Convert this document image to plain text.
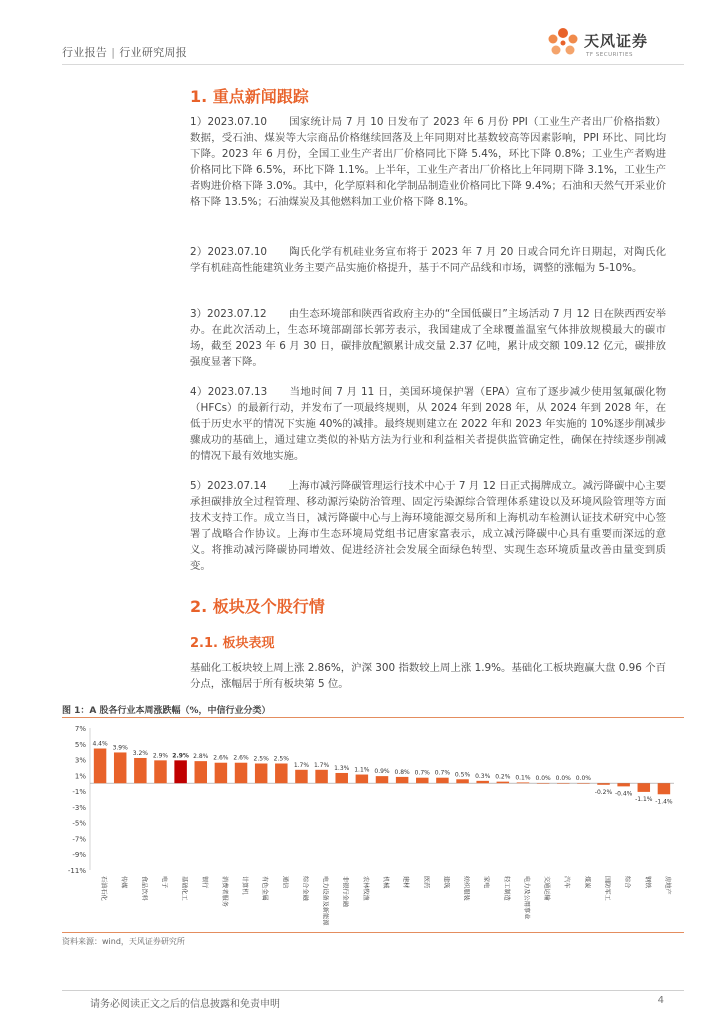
行业报告 | 行业研究周报
天风证券
TF SECURITIES
1. 重点新闻跟踪
1）2023.07.10 国家统计局 7 月 10 日发布了 2023 年 6 月份 PPI（工业生产者出厂价格指数）数据，受石油、煤炭等大宗商品价格继续回落及上年同期对比基数较高等因素影响，PPI 环比、同比均下降。2023 年 6 月份，全国工业生产者出厂价格同比下降 5.4%，环比下降 0.8%；工业生产者购进价格同比下降 6.5%，环比下降 1.1%。上半年，工业生产者出厂价格比上年同期下降 3.1%，工业生产者购进价格下降 3.0%。其中，化学原料和化学制品制造业价格同比下降 9.4%；石油和天然气开采业价格下降 13.5%；石油煤炭及其他燃料加工业价格下降 8.1%。
2）2023.07.10 陶氏化学有机硅业务宣布将于 2023 年 7 月 20 日或合同允许日期起，对陶氏化学有机硅高性能建筑业务主要产品实施价格提升，基于不同产品线和市场，调整的涨幅为 5-10%。
3）2023.07.12 由生态环境部和陕西省政府主办的“全国低碳日”主场活动 7 月 12 日在陕西西安举办。在此次活动上，生态环境部副部长郭芳表示，我国建成了全球覆盖温室气体排放规模最大的碳市场，截至 2023 年 6 月 30 日，碳排放配额累计成交量 2.37 亿吨，累计成交额 109.12 亿元，碳排放强度显著下降。
4）2023.07.13 当地时间 7 月 11 日，美国环境保护署（EPA）宣布了逐步减少使用氢氟碳化物（HFCs）的最新行动，并发布了一项最终规则，从 2024 年到 2028 年，从 2024 年到 2028 年，在低于历史水平的情况下实施 40%的减排。最终规则建立在 2022 年和 2023 年实施的 10%逐步削减步骤成功的基础上，通过建立类似的补贴方法为行业和利益相关者提供监管确定性，确保在持续逐步削减的情况下最有效地实施。
5）2023.07.14 上海市减污降碳管理运行技术中心于 7 月 12 日正式揭牌成立。减污降碳中心主要承担碳排放全过程管理、移动源污染防治管理、固定污染源综合管理体系建设以及环境风险管理等方面技术支持工作。成立当日，减污降碳中心与上海环境能源交易所和上海机动车检测认证技术研究中心签署了战略合作协议。上海市生态环境局党组书记唐家富表示，成立减污降碳中心具有重要而深远的意义。将推动减污降碳协同增效、促进经济社会发展全面绿色转型、实现生态环境质量改善由量变到质变。
2. 板块及个股行情
2.1. 板块表现
基础化工板块较上周上涨 2.86%，沪深 300 指数较上周上涨 1.9%。基础化工板块跑赢大盘 0.96 个百分点，涨幅居于所有板块第 5 位。
图 1：A 股各行业本周涨跌幅（%，中信行业分类）
7%
5%
3%
1%
-1%
-3%
-5%
-7%
-9%
-11%
4.4%
石油石化
3.9%
传媒
3.2%
食品饮料
2.9%
电子
2.9%
基础化工
2.8%
银行
2.6%
消费者服务
2.6%
计算机
2.5%
有色金属
2.5%
通信
1.7%
综合金融
1.7%
电力设备及新能源
1.3%
非银行金融
1.1%
农林牧渔
0.9%
机械
0.8%
建材
0.7%
医药
0.7%
建筑
0.5%
纺织服装
0.3%
家电
0.2%
轻工制造
0.1%
电力及公用事业
0.0%
交通运输
0.0%
汽车
0.0%
煤炭
-0.2%
国防军工
-0.4%
综合
-1.1%
钢铁
-1.4%
房地产
资料来源：wind，天风证券研究所
请务必阅读正文之后的信息披露和免责申明	4
